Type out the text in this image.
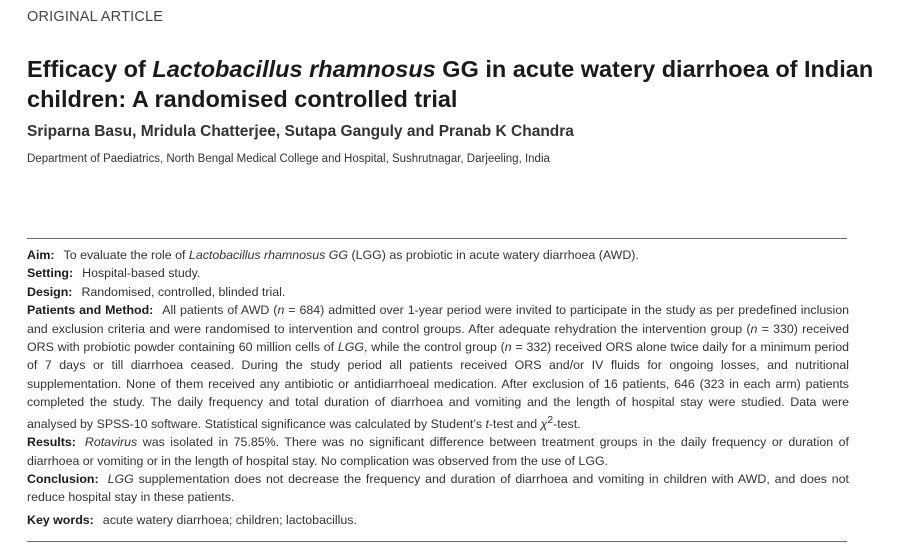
ORIGINAL ARTICLE
Efficacy of Lactobacillus rhamnosus GG in acute watery diarrhoea of Indian children: A randomised controlled trial
Sriparna Basu, Mridula Chatterjee, Sutapa Ganguly and Pranab K Chandra
Department of Paediatrics, North Bengal Medical College and Hospital, Sushrutnagar, Darjeeling, India

Aim: To evaluate the role of Lactobacillus rhamnosus GG (LGG) as probiotic in acute watery diarrhoea (AWD).

Setting: Hospital-based study.

Design: Randomised, controlled, blinded trial.

Patients and Method: All patients of AWD (n = 684) admitted over 1-year period were invited to participate in the study as per predefined inclusion and exclusion criteria and were randomised to intervention and control groups. After adequate rehydration the intervention group (n = 330) received ORS with probiotic powder containing 60 million cells of LGG, while the control group (n = 332) received ORS alone twice daily for a minimum period of 7 days or till diarrhoea ceased. During the study period all patients received ORS and/or IV fluids for ongoing losses, and nutritional supplementation. None of them received any antibiotic or antidiarrhoeal medication. After exclusion of 16 patients, 646 (323 in each arm) patients completed the study. The daily frequency and total duration of diarrhoea and vomiting and the length of hospital stay were studied. Data were analysed by SPSS-10 software. Statistical significance was calculated by Student’s t-test and $\chi^2$-test.

Results: Rotavirus was isolated in 75.85%. There was no significant difference between treatment groups in the daily frequency or duration of diarrhoea or vomiting or in the length of hospital stay. No complication was observed from the use of LGG.

Conclusion: LGG supplementation does not decrease the frequency and duration of diarrhoea and vomiting in children with AWD, and does not reduce hospital stay in these patients.

Key words: acute watery diarrhoea; children; lactobacillus.
